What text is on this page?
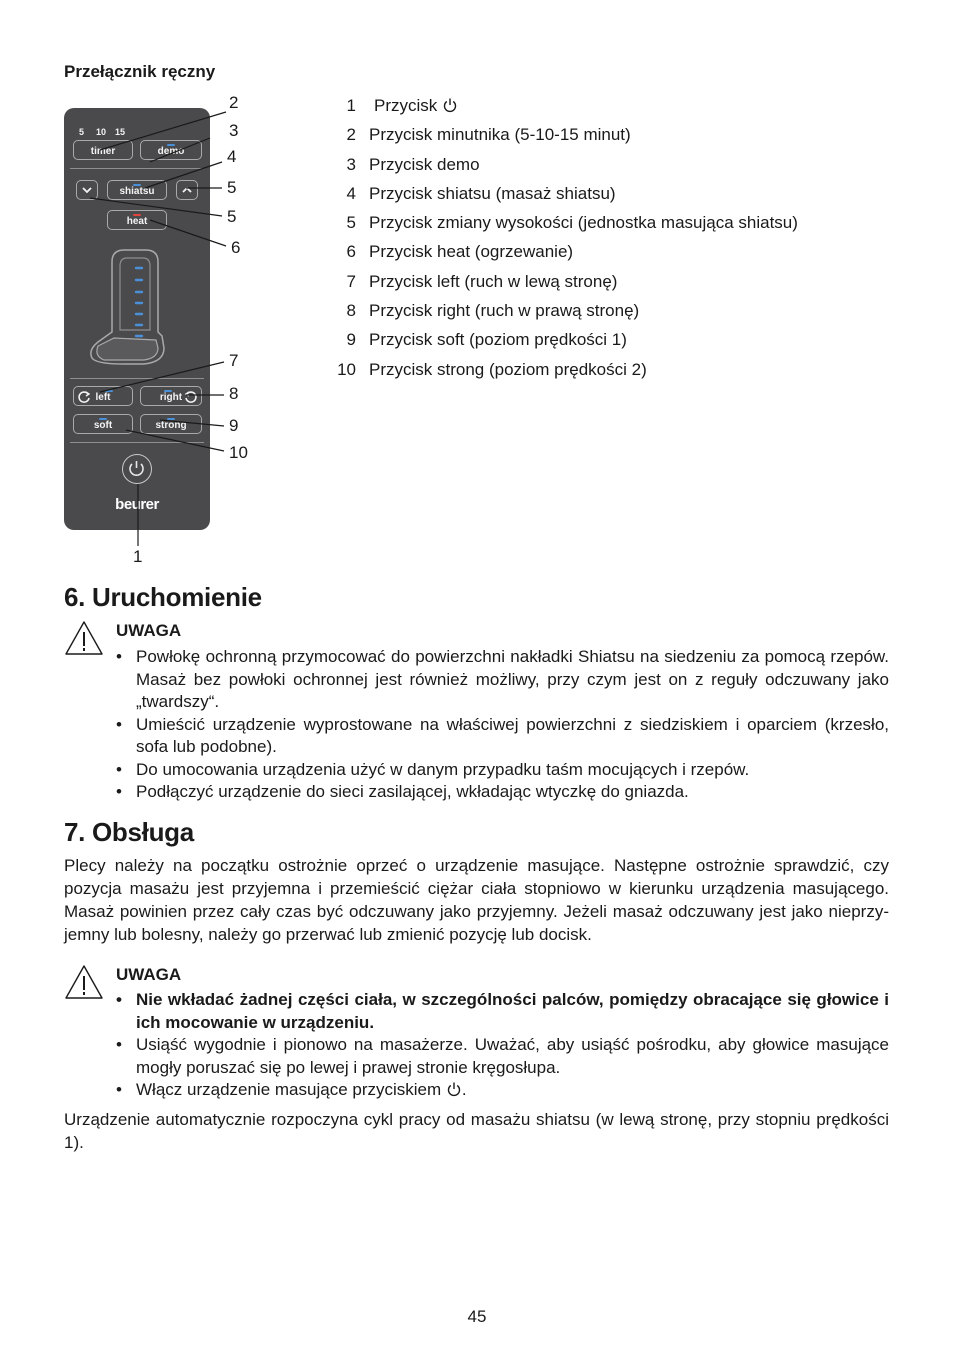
Przełącznik ręczny
5 10 15
timer	demo
shiatsu
heat
left	right
soft	strong
beurer
2
3
4
5
5
6
7
8
9
10
1
1 Przycisk
2 Przycisk minutnika (5-10-15 minut)
3 Przycisk demo
4 Przycisk shiatsu (masaż shiatsu)
5 Przycisk zmiany wysokości (jednostka masująca shiatsu)
6 Przycisk heat (ogrzewanie)
7 Przycisk left (ruch w lewą stronę)
8 Przycisk right (ruch w prawą stronę)
9 Przycisk soft (poziom prędkości 1)
10 Przycisk strong (poziom prędkości 2)
6. Uruchomienie
UWAGA
• Powłokę ochronną przymocować do powierzchni nakładki Shiatsu na siedzeniu za pomocą rzepów. Masaż bez powłoki ochronnej jest również możliwy, przy czym jest on z reguły odczuwany jako „twardszy“.
• Umieścić urządzenie wyprostowane na właściwej powierzchni z siedziskiem i oparciem (krzesło, sofa lub podobne).
• Do umocowania urządzenia użyć w danym przypadku taśm mocujących i rzepów.
• Podłączyć urządzenie do sieci zasilającej, wkładając wtyczkę do gniazda.
7. Obsługa

Plecy należy na początku ostrożnie oprzeć o urządzenie masujące. Następne ostrożnie sprawdzić, czy pozycja masażu jest przyjemna i przemieścić ciężar ciała stopniowo w kierunku urządzenia masującego. Masaż powinien przez cały czas być odczuwany jako przyjemny. Jeżeli masaż odczuwany jest jako nieprzy-jemny lub bolesny, należy go przerwać lub zmienić pozycję lub docisk.

UWAGA
• Nie wkładać żadnej części ciała, w szczególności palców, pomiędzy obracające się głowice i ich mocowanie w urządzeniu.
• Usiąść wygodnie i pionowo na masażerze. Uważać, aby usiąść pośrodku, aby głowice masujące mogły poruszać się po lewej i prawej stronie kręgosłupa.
• Włącz urządzenie masujące przyciskiem .

Urządzenie automatycznie rozpoczyna cykl pracy od masażu shiatsu (w lewą stronę, przy stopniu prędkości 1).

45
